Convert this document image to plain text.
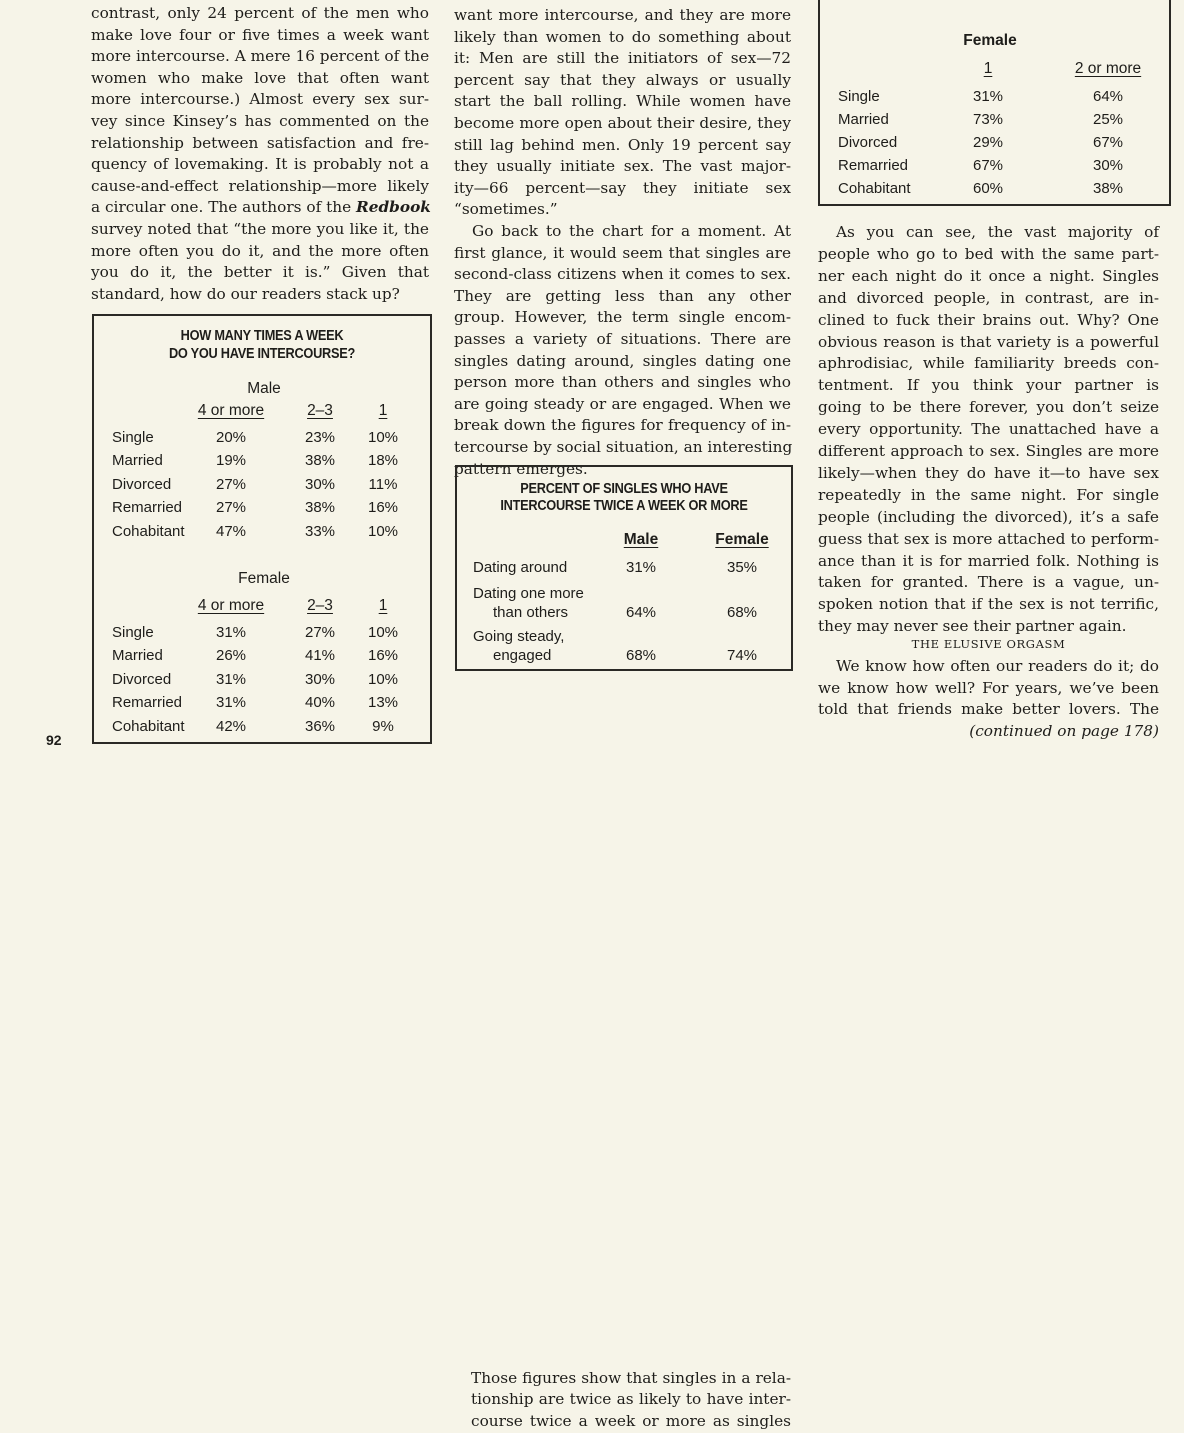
contrast, only 24 percent of the men who
make love four or five times a week want
more intercourse. A mere 16 percent of the
women who make love that often want
more intercourse.) Almost every sex sur-
vey since Kinsey’s has commented on the
relationship between satisfaction and fre-
quency of lovemaking. It is probably not a
cause-and-effect relationship—more likely
a circular one. The authors of the Redbook
survey noted that “the more you like it, the
more often you do it, and the more often
you do it, the better it is.” Given that
standard, how do our readers stack up?
HOW MANY TIMES A WEEK
DO YOU HAVE INTERCOURSE?
Male
4 or more	2–3	1
Single	20%	23%	10%
Married	19%	38%	18%
Divorced	27%	30%	11%
Remarried	27%	38%	16%
Cohabitant	47%	33%	10%
Female
4 or more	2–3	1
Single	31%	27%	10%
Married	26%	41%	16%
Divorced	31%	30%	10%
Remarried	31%	40%	13%
Cohabitant	42%	36%	9%
want more intercourse, and they are more
likely than women to do something about
it: Men are still the initiators of sex—72
percent say that they always or usually
start the ball rolling. While women have
become more open about their desire, they
still lag behind men. Only 19 percent say
they usually initiate sex. The vast major-
ity—66 percent—say they initiate sex
“sometimes.”
Go back to the chart for a moment. At
first glance, it would seem that singles are
second-class citizens when it comes to sex.
They are getting less than any other
group. However, the term single encom-
passes a variety of situations. There are
singles dating around, singles dating one
person more than others and singles who
are going steady or are engaged. When we
break down the figures for frequency of in-
tercourse by social situation, an interesting
pattern emerges.
PERCENT OF SINGLES WHO HAVE
INTERCOURSE TWICE A WEEK OR MORE
Male	Female
Dating around	31%	35%
Dating one more
than others	64%	68%
Going steady,
engaged	68%	74%
Those figures show that singles in a rela-
tionship are twice as likely to have inter-
course twice a week or more as singles
Female
1	2 or more
Single	31%	64%
Married	73%	25%
Divorced	29%	67%
Remarried	67%	30%
Cohabitant	60%	38%
As you can see, the vast majority of
people who go to bed with the same part-
ner each night do it once a night. Singles
and divorced people, in contrast, are in-
clined to fuck their brains out. Why? One
obvious reason is that variety is a powerful
aphrodisiac, while familiarity breeds con-
tentment. If you think your partner is
going to be there forever, you don’t seize
every opportunity. The unattached have a
different approach to sex. Singles are more
likely—when they do have it—to have sex
repeatedly in the same night. For single
people (including the divorced), it’s a safe
guess that sex is more attached to perform-
ance than it is for married folk. Nothing is
taken for granted. There is a vague, un-
spoken notion that if the sex is not terrific,
they may never see their partner again.
THE ELUSIVE ORGASM
We know how often our readers do it; do
we know how well? For years, we’ve been
told that friends make better lovers. The
(continued on page 178)
92
